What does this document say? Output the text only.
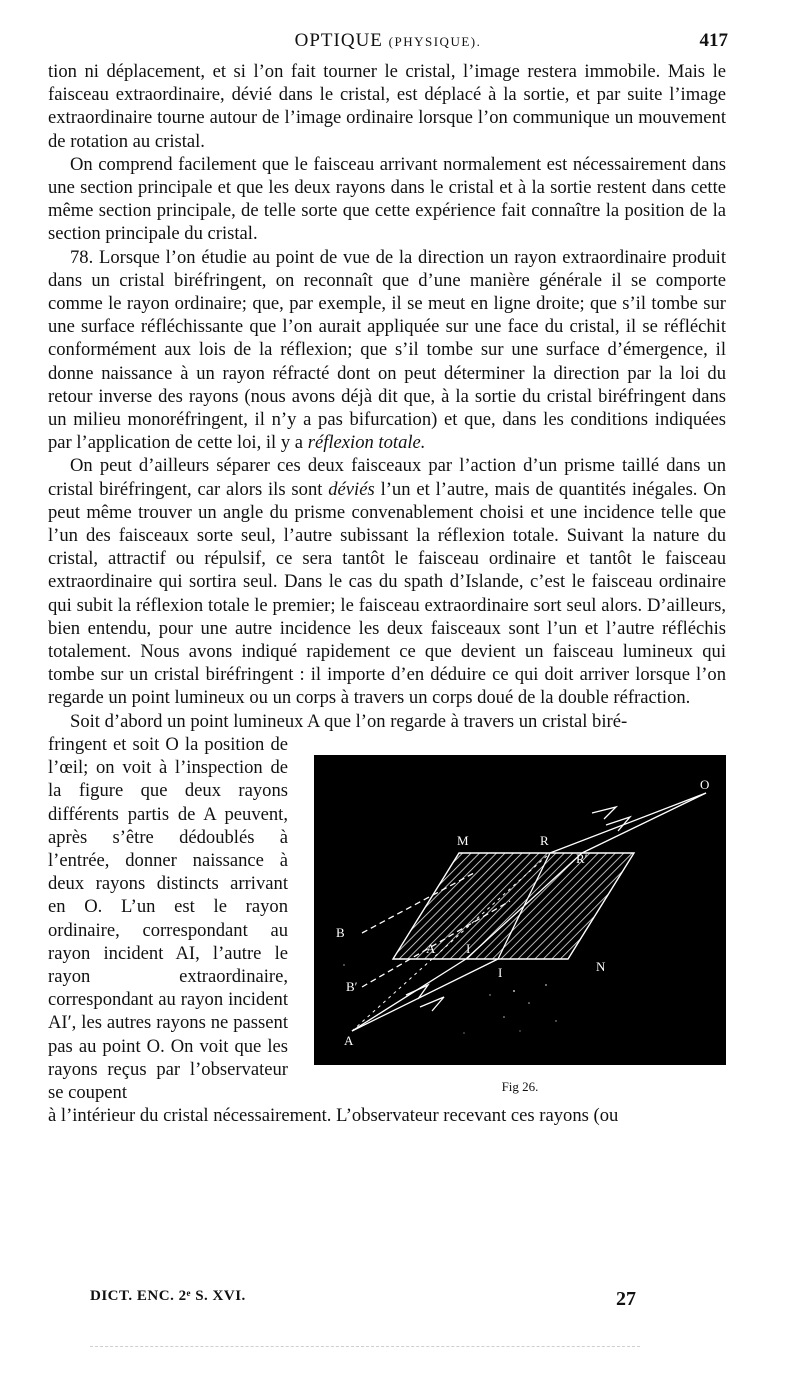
OPTIQUE (PHYSIQUE).	417

tion ni déplacement, et si l’on fait tourner le cristal, l’image restera immobile. Mais le faisceau extraordinaire, dévié dans le cristal, est déplacé à la sortie, et par suite l’image extraordinaire tourne autour de l’image ordinaire lorsque l’on communique un mouvement de rotation au cristal.

On comprend facilement que le faisceau arrivant normalement est nécessairement dans une section principale et que les deux rayons dans le cristal et à la sortie restent dans cette même section principale, de telle sorte que cette expérience fait connaître la position de la section principale du cristal.

78. Lorsque l’on étudie au point de vue de la direction un rayon extraordinaire produit dans un cristal biréfringent, on reconnaît que d’une manière générale il se comporte comme le rayon ordinaire; que, par exemple, il se meut en ligne droite; que s’il tombe sur une surface réfléchissante que l’on aurait appliquée sur une face du cristal, il se réfléchit conformément aux lois de la réflexion; que s’il tombe sur une surface d’émergence, il donne naissance à un rayon réfracté dont on peut déterminer la direction par la loi du retour inverse des rayons (nous avons déjà dit que, à la sortie du cristal biréfringent dans un milieu monoréfringent, il n’y a pas bifurcation) et que, dans les conditions indiquées par l’application de cette loi, il y a réflexion totale.

On peut d’ailleurs séparer ces deux faisceaux par l’action d’un prisme taillé dans un cristal biréfringent, car alors ils sont déviés l’un et l’autre, mais de quantités inégales. On peut même trouver un angle du prisme convenablement choisi et une incidence telle que l’un des faisceaux sorte seul, l’autre subissant la réflexion totale. Suivant la nature du cristal, attractif ou répulsif, ce sera tantôt le faisceau ordinaire et tantôt le faisceau extraordinaire qui sortira seul. Dans le cas du spath d’Islande, c’est le faisceau ordinaire qui subit la réflexion totale le premier; le faisceau extraordinaire sort seul alors. D’ailleurs, bien entendu, pour une autre incidence les deux faisceaux sont l’un et l’autre réfléchis totalement. Nous avons indiqué rapidement ce que devient un faisceau lumineux qui tombe sur un cristal biréfringent : il importe d’en déduire ce qui doit arriver lorsque l’on regarde un point lumineux ou un corps à travers un corps doué de la double réfraction.

Soit d’abord un point lumineux A que l’on regarde à travers un cristal biré-

fringent et soit O la position de l’œil; on voit à l’inspection de la figure que deux rayons différents partis de A peuvent, après s’être dédoublés à l’entrée, donner naissance à deux rayons distincts arrivant en O. L’un est le rayon ordinaire, correspondant au rayon incident AI, l’autre le rayon extraordinaire, correspondant au rayon incident AI′, les autres rayons ne passent pas au point O. On voit que les rayons reçus par l’observateur se coupent
O
M	R
R′
B
B′
I
I	N
A
A
Fig 26.

à l’intérieur du cristal nécessairement. L’observateur recevant ces rayons (ou

DICT. ENC. 2ᵉ S. XVI.	27
